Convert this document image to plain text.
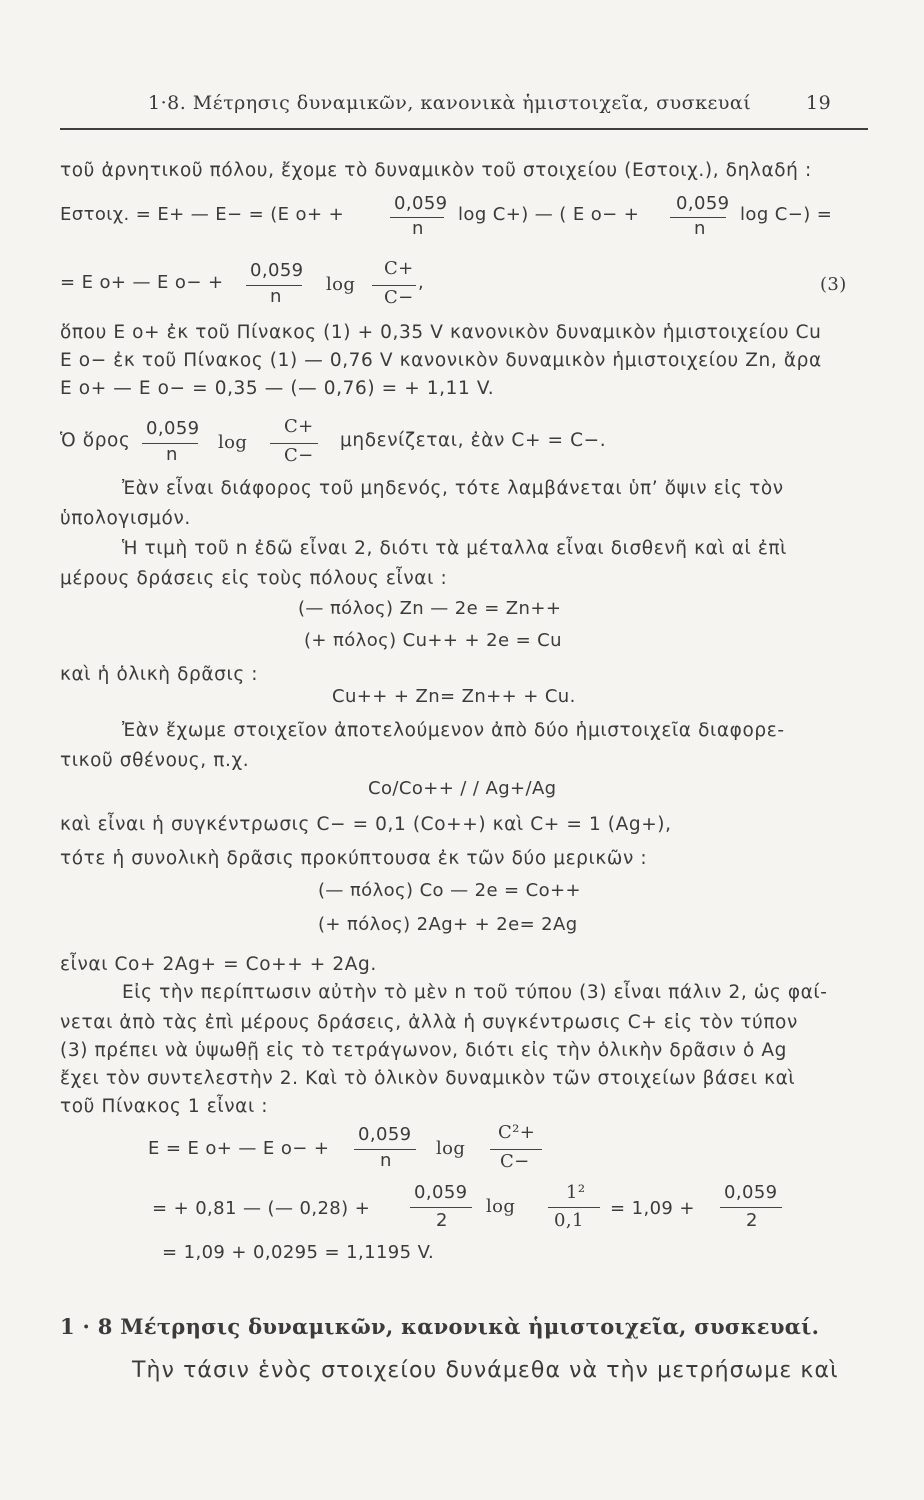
1·8. Μέτρησις δυναμικῶν, κανονικὰ ἡμιστοιχεῖα, συσκευαί	19
τοῦ ἀρνητικοῦ πόλου, ἔχομε τὸ δυναμικὸν τοῦ στοιχείου (Εστοιχ.), δηλαδή :
Εστοιχ. = Ε+ — Ε− = (Ε o+ +
0,059
n
log C+) — ( Ε o− +
0,059
n
log C−) =
= Ε o+ — Ε o− +
0,059
n
log
C+
C−
,	(3)
ὅπου Ε o+ ἐκ τοῦ Πίνακος (1) + 0,35 V κανονικὸν δυναμικὸν ἡμιστοιχείου Cu
Ε o− ἐκ τοῦ Πίνακος (1) — 0,76 V κανονικὸν δυναμικὸν ἡμιστοιχείου Zn, ἄρα
Ε o+ — Ε o− = 0,35 — (— 0,76) = + 1,11 V.
Ὁ ὅρος
0,059
n
log
C+
C−
μηδενίζεται, ἐὰν C+ = C−.
Ἐὰν εἶναι διάφορος τοῦ μηδενός, τότε λαμβάνεται ὑπ’ ὄψιν εἰς τὸν
ὑπολογισμόν.
Ἡ τιμὴ τοῦ n ἐδῶ εἶναι 2, διότι τὰ μέταλλα εἶναι δισθενῆ καὶ αἱ ἐπὶ
μέρους δράσεις εἰς τοὺς πόλους εἶναι :
(— πόλος) Zn — 2e = Zn++
(+ πόλος) Cu++ + 2e = Cu
καὶ ἡ ὁλικὴ δρᾶσις :
Cu++ + Zn= Zn++ + Cu.
Ἐὰν ἔχωμε στοιχεῖον ἀποτελούμενον ἀπὸ δύο ἡμιστοιχεῖα διαφορε-
τικοῦ σθένους, π.χ.
Co/Co++ / / Ag+/Ag
καὶ εἶναι ἡ συγκέντρωσις C− = 0,1 (Co++) καὶ C+ = 1 (Ag+),
τότε ἡ συνολικὴ δρᾶσις προκύπτουσα ἐκ τῶν δύο μερικῶν :
(— πόλος) Co — 2e = Co++
(+ πόλος) 2Ag+ + 2e= 2Ag
εἶναι Co+ 2Ag+ = Co++ + 2Ag.
Εἰς τὴν περίπτωσιν αὐτὴν τὸ μὲν n τοῦ τύπου (3) εἶναι πάλιν 2, ὡς φαί-
νεται ἀπὸ τὰς ἐπὶ μέρους δράσεις, ἀλλὰ ἡ συγκέντρωσις C+ εἰς τὸν τύπον
(3) πρέπει νὰ ὑψωθῇ εἰς τὸ τετράγωνον, διότι εἰς τὴν ὁλικὴν δρᾶσιν ὁ Ag
ἔχει τὸν συντελεστὴν 2. Καὶ τὸ ὁλικὸν δυναμικὸν τῶν στοιχείων βάσει καὶ
τοῦ Πίνακος 1 εἶναι :
E = Ε o+ — Ε o− +
0,059
n
log
C²+
C−
= + 0,81 — (— 0,28) +
0,059
2
log
1²
0,1
= 1,09 +
0,059
2
= 1,09 + 0,0295 = 1,1195 V.
1 · 8 Μέτρησις δυναμικῶν, κανονικὰ ἡμιστοιχεῖα, συσκευαί.
Τὴν τάσιν ἑνὸς στοιχείου δυνάμεθα νὰ τὴν μετρήσωμε καὶ
